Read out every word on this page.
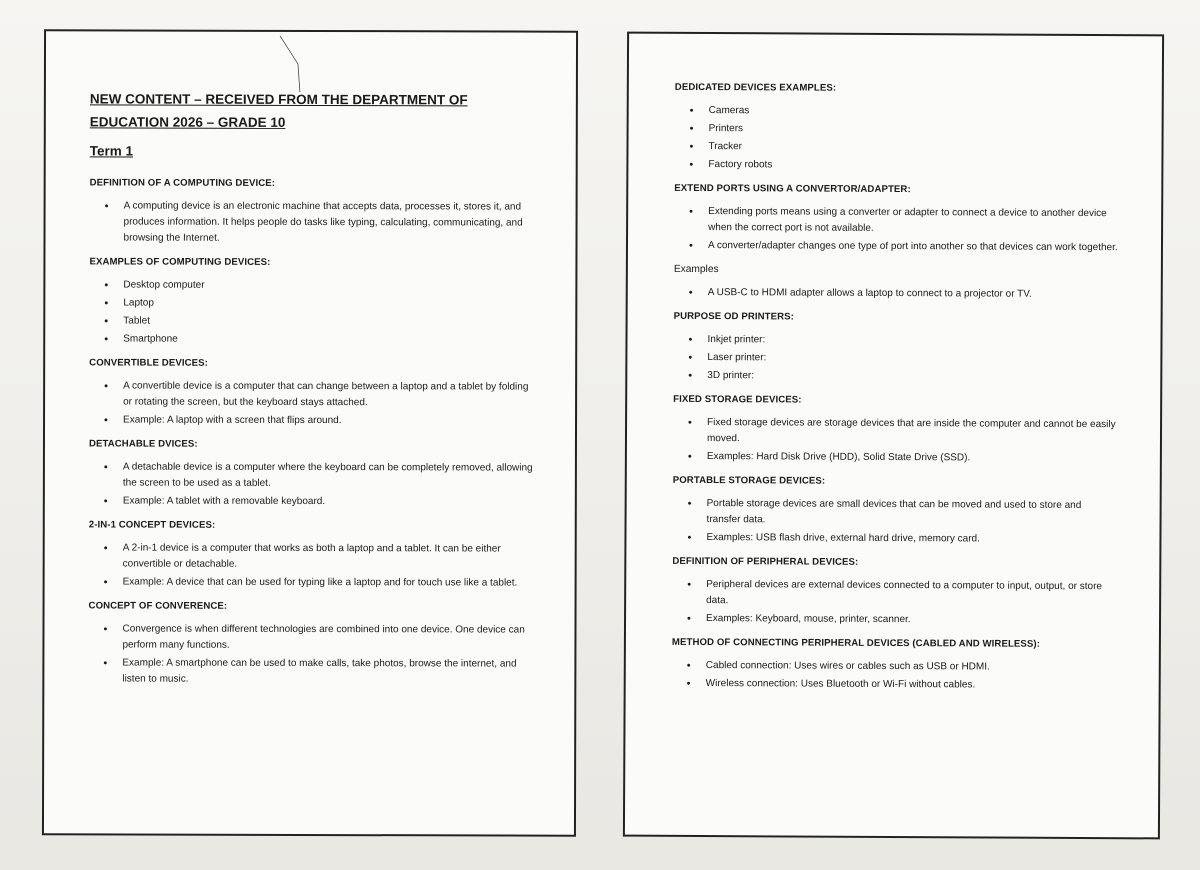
NEW CONTENT – RECEIVED FROM THE DEPARTMENT OF
EDUCATION 2026 – GRADE 10

Term 1

DEFINITION OF A COMPUTING DEVICE:
• A computing device is an electronic machine that accepts data, processes it, stores it, and produces information. It helps people do tasks like typing, calculating, communicating, and browsing the Internet.
EXAMPLES OF COMPUTING DEVICES:
• Desktop computer
• Laptop
• Tablet
• Smartphone
CONVERTIBLE DEVICES:
• A convertible device is a computer that can change between a laptop and a tablet by folding or rotating the screen, but the keyboard stays attached.
• Example: A laptop with a screen that flips around.
DETACHABLE DVICES:
• A detachable device is a computer where the keyboard can be completely removed, allowing the screen to be used as a tablet.
• Example: A tablet with a removable keyboard.
2-IN-1 CONCEPT DEVICES:
• A 2-in-1 device is a computer that works as both a laptop and a tablet. It can be either convertible or detachable.
• Example: A device that can be used for typing like a laptop and for touch use like a tablet.
CONCEPT OF CONVERENCE:
• Convergence is when different technologies are combined into one device. One device can perform many functions.
• Example: A smartphone can be used to make calls, take photos, browse the internet, and listen to music.
DEDICATED DEVICES EXAMPLES:
• Cameras
• Printers
• Tracker
• Factory robots
EXTEND PORTS USING A CONVERTOR/ADAPTER:
• Extending ports means using a converter or adapter to connect a device to another device when the correct port is not available.
• A converter/adapter changes one type of port into another so that devices can work together.

Examples

• A USB-C to HDMI adapter allows a laptop to connect to a projector or TV.
PURPOSE OD PRINTERS:
• Inkjet printer:
• Laser printer:
• 3D printer:
FIXED STORAGE DEVICES:
• Fixed storage devices are storage devices that are inside the computer and cannot be easily moved.
• Examples: Hard Disk Drive (HDD), Solid State Drive (SSD).
PORTABLE STORAGE DEVICES:
• Portable storage devices are small devices that can be moved and used to store and transfer data.
• Examples: USB flash drive, external hard drive, memory card.
DEFINITION OF PERIPHERAL DEVICES:
• Peripheral devices are external devices connected to a computer to input, output, or store data.
• Examples: Keyboard, mouse, printer, scanner.
METHOD OF CONNECTING PERIPHERAL DEVICES (CABLED AND WIRELESS):
• Cabled connection: Uses wires or cables such as USB or HDMI.
• Wireless connection: Uses Bluetooth or Wi-Fi without cables.
